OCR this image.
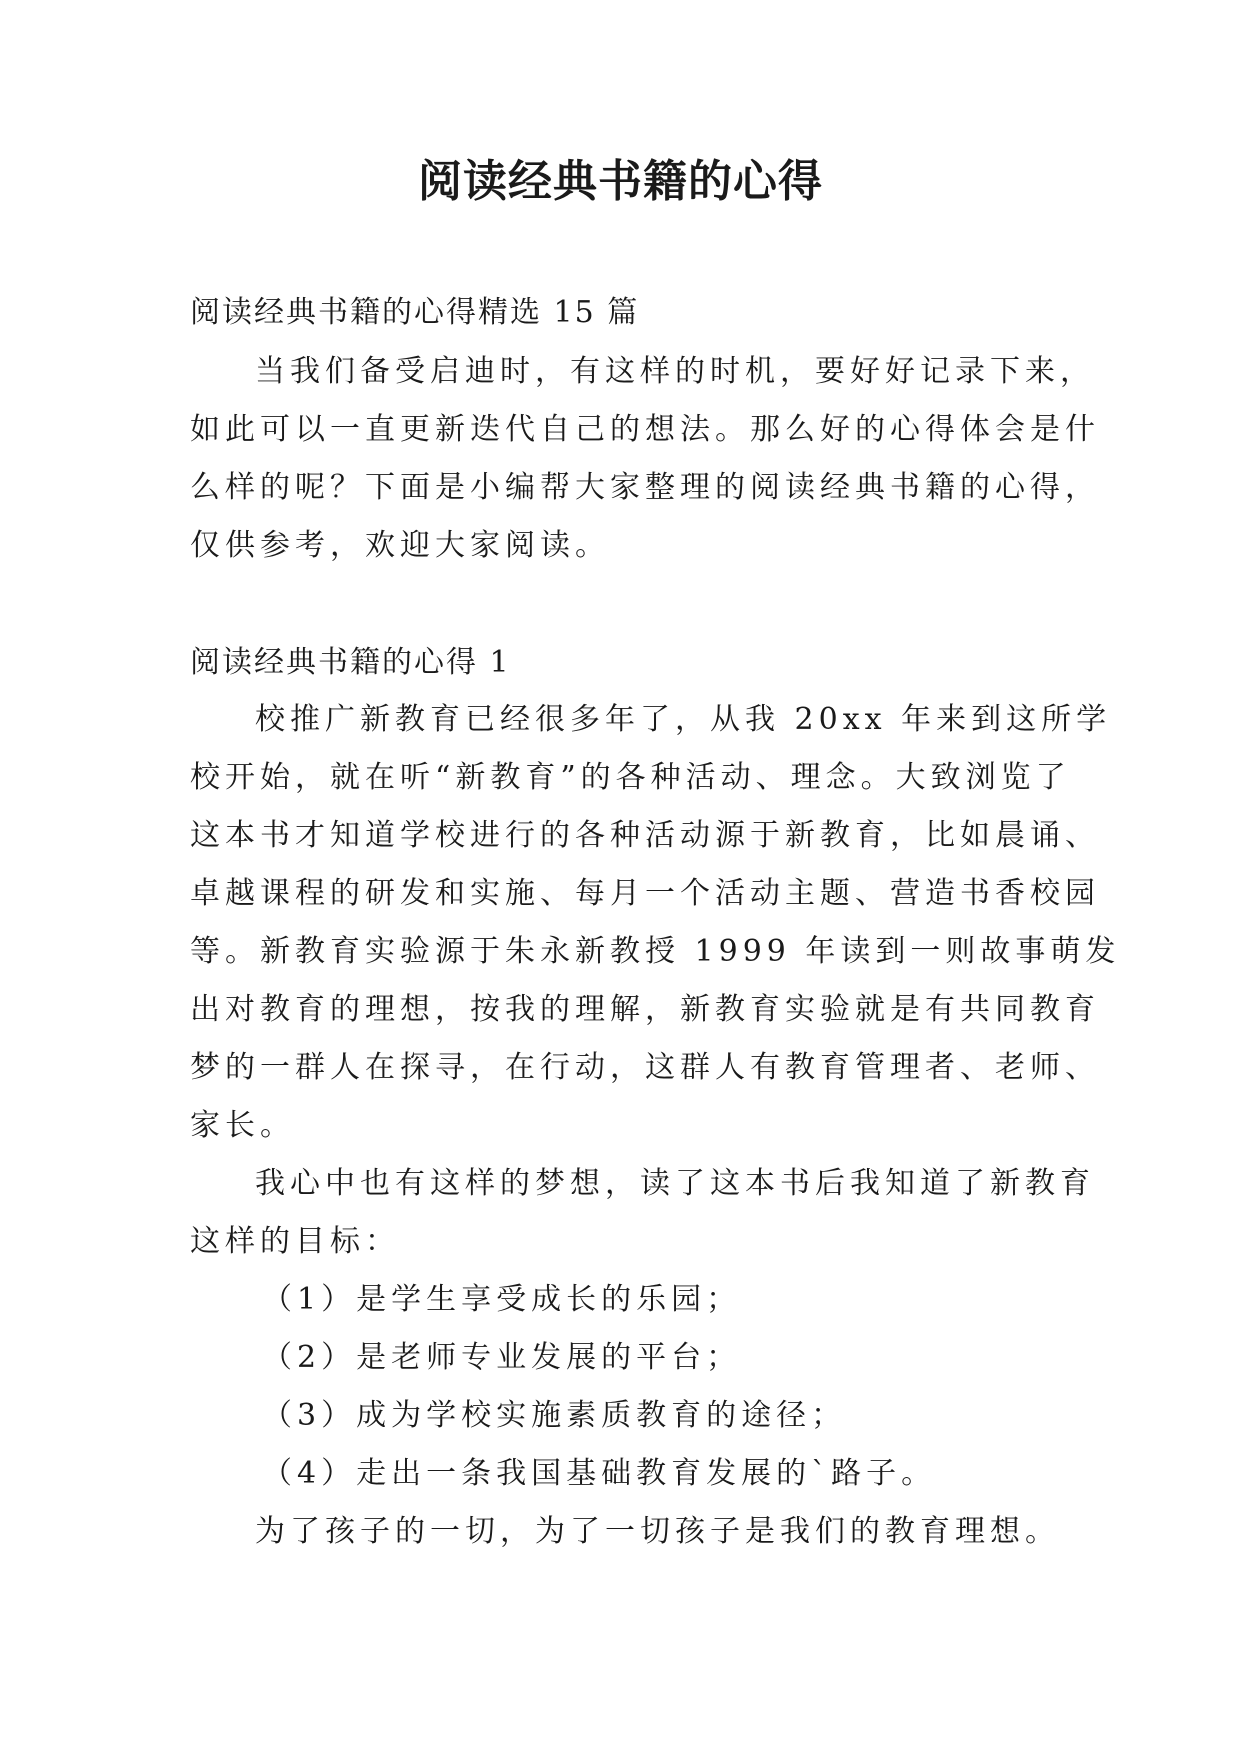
阅读经典书籍的心得
阅读经典书籍的心得精选 15 篇
当我们备受启迪时，有这样的时机，要好好记录下来，
如此可以一直更新迭代自己的想法。那么好的心得体会是什
么样的呢？下面是小编帮大家整理的阅读经典书籍的心得，
仅供参考，欢迎大家阅读。
阅读经典书籍的心得 1
校推广新教育已经很多年了，从我 20xx 年来到这所学
校开始，就在听“新教育”的各种活动、理念。大致浏览了
这本书才知道学校进行的各种活动源于新教育，比如晨诵、
卓越课程的研发和实施、每月一个活动主题、营造书香校园
等。新教育实验源于朱永新教授 1999 年读到一则故事萌发
出对教育的理想，按我的理解，新教育实验就是有共同教育
梦的一群人在探寻，在行动，这群人有教育管理者、老师、
家长。
我心中也有这样的梦想，读了这本书后我知道了新教育
这样的目标：
（1）是学生享受成长的乐园；
（2）是老师专业发展的平台；
（3）成为学校实施素质教育的途径；
（4）走出一条我国基础教育发展的`路子。
为了孩子的一切，为了一切孩子是我们的教育理想。
